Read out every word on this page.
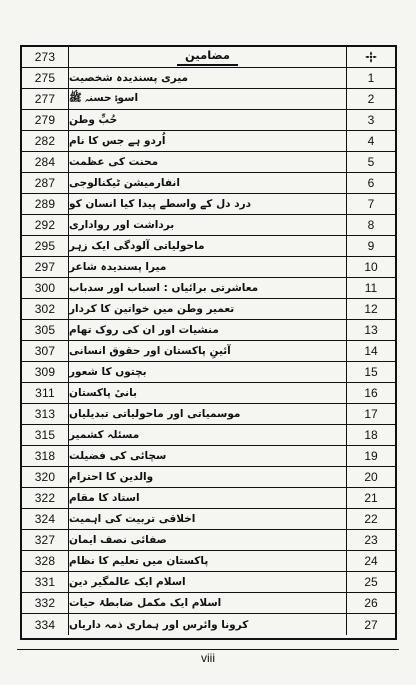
273	مضامین
275	میری پسندیدہ شخصیت	1
277	اسوۂ حسنہ ﷺ	2
279	حُبِّ وطن	3
282	اُردو ہے جس کا نام	4
284	محنت کی عظمت	5
287	انفارمیشن ٹیکنالوجی	6
289	درد دل کے واسطے پیدا کیا انسان کو	7
292	برداشت اور رواداری	8
295	ماحولیاتی آلودگی ایک زہر	9
297	میرا پسندیدہ شاعر	10
300	معاشرتی برائیاں : اسباب اور سدباب	11
302	تعمیر وطن میں خواتین کا کردار	12
305	منشیات اور ان کی روک تھام	13
307	آئینِ پاکستان اور حقوق انسانی	14
309	بچتوں کا شعور	15
311	بانیٔ پاکستان	16
313	موسمیاتی اور ماحولیاتی تبدیلیاں	17
315	مسئلہ کشمیر	18
318	سچائی کی فضیلت	19
320	والدین کا احترام	20
322	استاد کا مقام	21
324	اخلاقی تربیت کی اہمیت	22
327	صفائی نصف ایمان	23
328	پاکستان میں تعلیم کا نظام	24
331	اسلام ایک عالمگیر دین	25
332	اسلام ایک مکمل ضابطۂ حیات	26
334	کرونا وائرس اور ہماری ذمہ داریاں	27
viii
